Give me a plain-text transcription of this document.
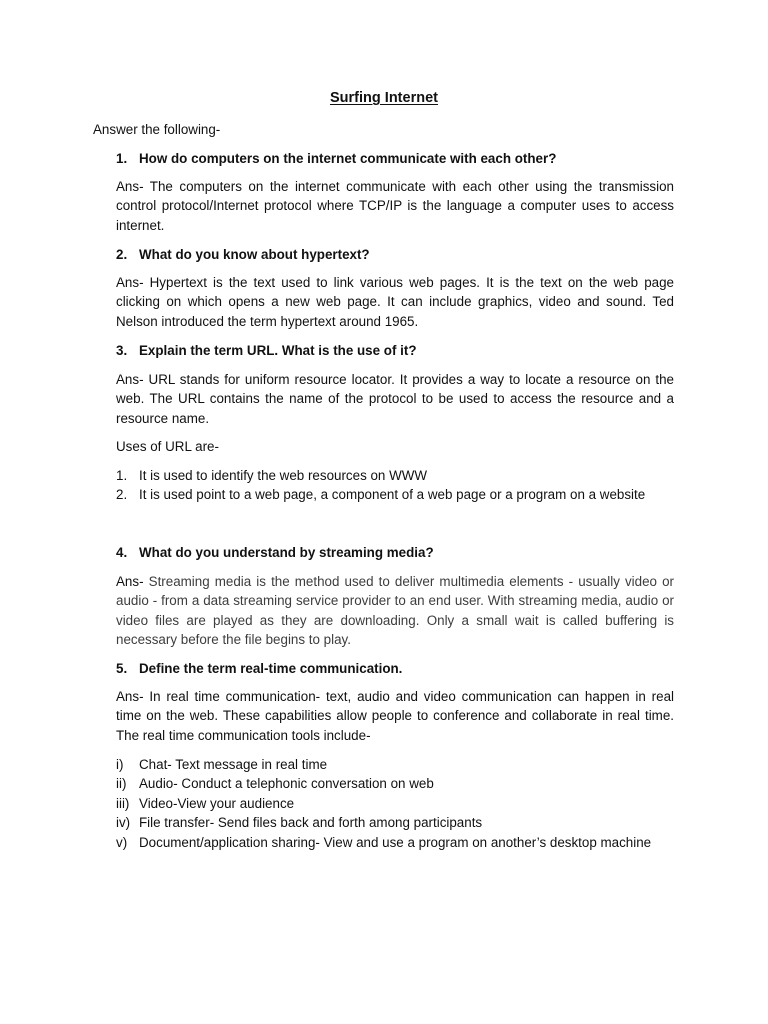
Surfing Internet
Answer the following-
1. How do computers on the internet communicate with each other?

Ans- The computers on the internet communicate with each other using the transmission control protocol/Internet protocol where TCP/IP is the language a computer uses to access internet.

2. What do you know about hypertext?

Ans- Hypertext is the text used to link various web pages. It is the text on the web page clicking on which opens a new web page. It can include graphics, video and sound. Ted Nelson introduced the term hypertext around 1965.

3. Explain the term URL. What is the use of it?

Ans- URL stands for uniform resource locator. It provides a way to locate a resource on the web. The URL contains the name of the protocol to be used to access the resource and a resource name.

Uses of URL are-
1. It is used to identify the web resources on WWW
2. It is used point to a web page, a component of a web page or a program on a website
4. What do you understand by streaming media?

Ans- Streaming media is the method used to deliver multimedia elements - usually video or audio - from a data streaming service provider to an end user. With streaming media, audio or video files are played as they are downloading. Only a small wait is called buffering is necessary before the file begins to play.

5. Define the term real-time communication.

Ans- In real time communication- text, audio and video communication can happen in real time on the web. These capabilities allow people to conference and collaborate in real time. The real time communication tools include-

i)	Chat- Text message in real time
ii) Audio- Conduct a telephonic conversation on web
iii) Video-View your audience
iv) File transfer- Send files back and forth among participants
v) Document/application sharing- View and use a program on another’s desktop machine
